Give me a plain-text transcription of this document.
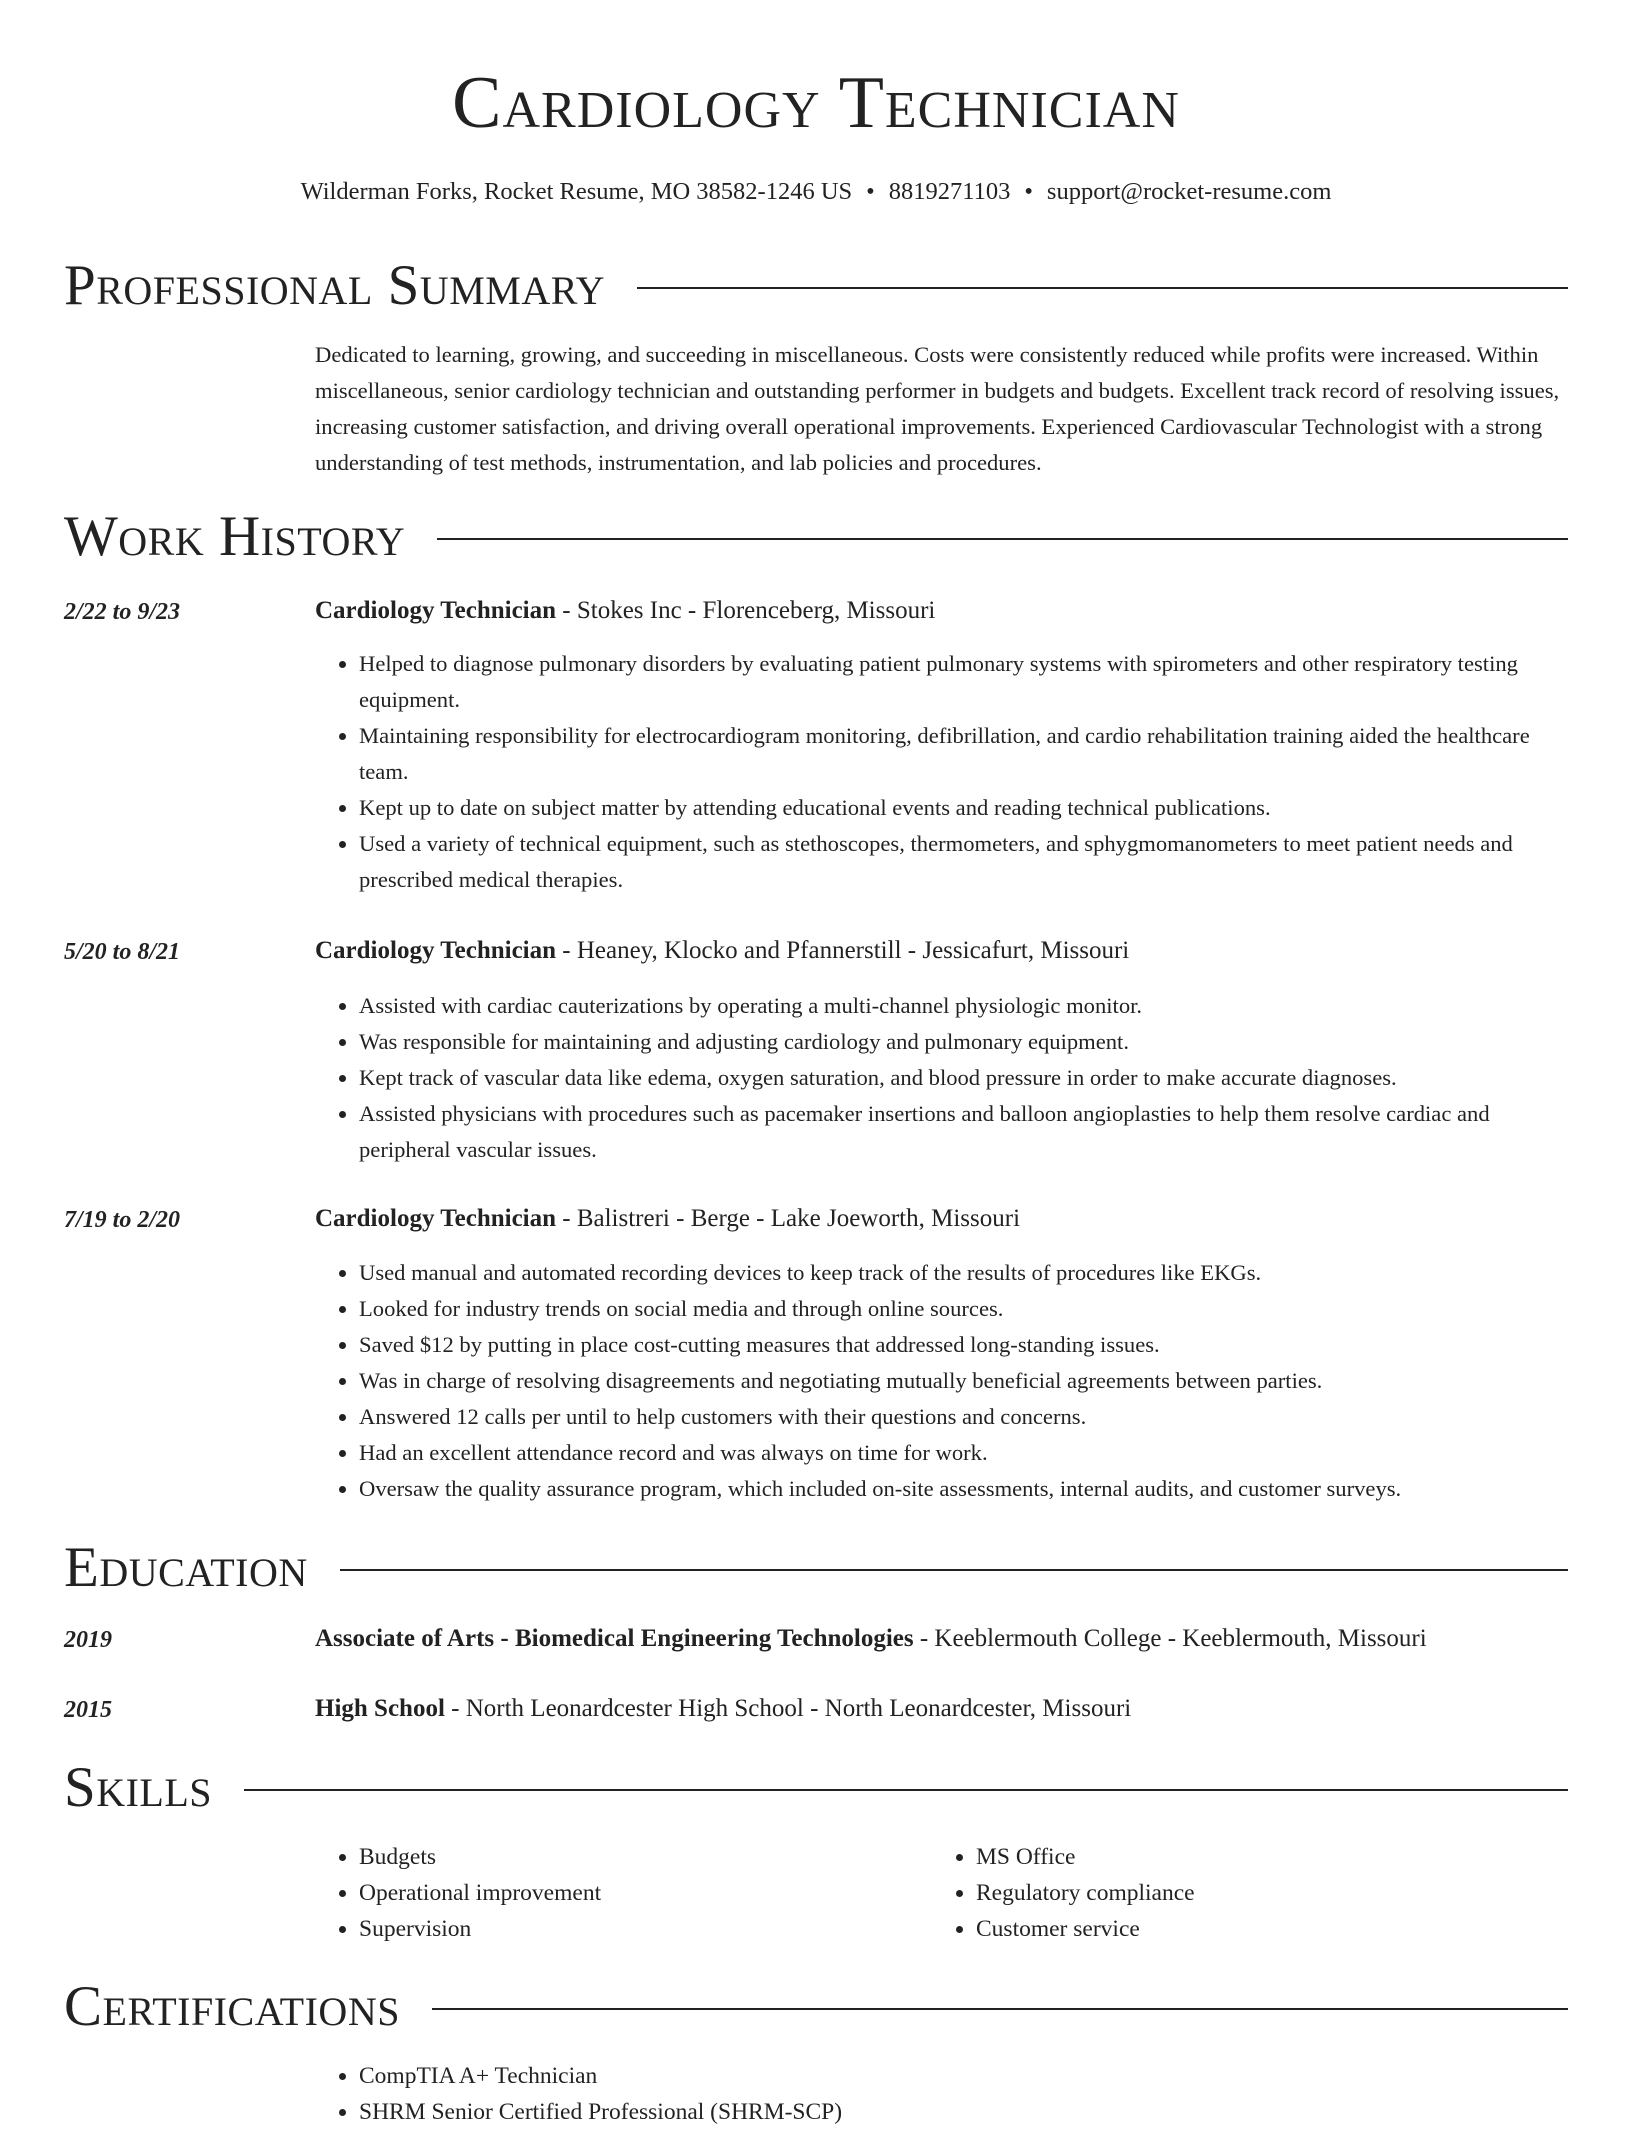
Cardiology Technician
Wilderman Forks, Rocket Resume, MO 38582-1246 US • 8819271103 • support@rocket-resume.com
Professional Summary
Dedicated to learning, growing, and succeeding in miscellaneous. Costs were consistently reduced while profits were increased. Within miscellaneous, senior cardiology technician and outstanding performer in budgets and budgets. Excellent track record of resolving issues, increasing customer satisfaction, and driving overall operational improvements. Experienced Cardiovascular Technologist with a strong understanding of test methods, instrumentation, and lab policies and procedures.
Work History
2/22 to 9/23	Cardiology Technician - Stokes Inc - Florenceberg, Missouri
• Helped to diagnose pulmonary disorders by evaluating patient pulmonary systems with spirometers and other respiratory testing equipment.
• Maintaining responsibility for electrocardiogram monitoring, defibrillation, and cardio rehabilitation training aided the healthcare team.
• Kept up to date on subject matter by attending educational events and reading technical publications.
• Used a variety of technical equipment, such as stethoscopes, thermometers, and sphygmomanometers to meet patient needs and prescribed medical therapies.
5/20 to 8/21	Cardiology Technician - Heaney, Klocko and Pfannerstill - Jessicafurt, Missouri
• Assisted with cardiac cauterizations by operating a multi-channel physiologic monitor.
• Was responsible for maintaining and adjusting cardiology and pulmonary equipment.
• Kept track of vascular data like edema, oxygen saturation, and blood pressure in order to make accurate diagnoses.
• Assisted physicians with procedures such as pacemaker insertions and balloon angioplasties to help them resolve cardiac and peripheral vascular issues.
7/19 to 2/20	Cardiology Technician - Balistreri - Berge - Lake Joeworth, Missouri
• Used manual and automated recording devices to keep track of the results of procedures like EKGs.
• Looked for industry trends on social media and through online sources.
• Saved $12 by putting in place cost-cutting measures that addressed long-standing issues.
• Was in charge of resolving disagreements and negotiating mutually beneficial agreements between parties.
• Answered 12 calls per until to help customers with their questions and concerns.
• Had an excellent attendance record and was always on time for work.
• Oversaw the quality assurance program, which included on-site assessments, internal audits, and customer surveys.
Education
2019	Associate of Arts - Biomedical Engineering Technologies - Keeblermouth College - Keeblermouth, Missouri
2015	High School - North Leonardcester High School - North Leonardcester, Missouri
Skills
• Budgets
• Operational improvement
• Supervision
• MS Office
• Regulatory compliance
• Customer service
Certifications
• CompTIA A+ Technician
• SHRM Senior Certified Professional (SHRM-SCP)
